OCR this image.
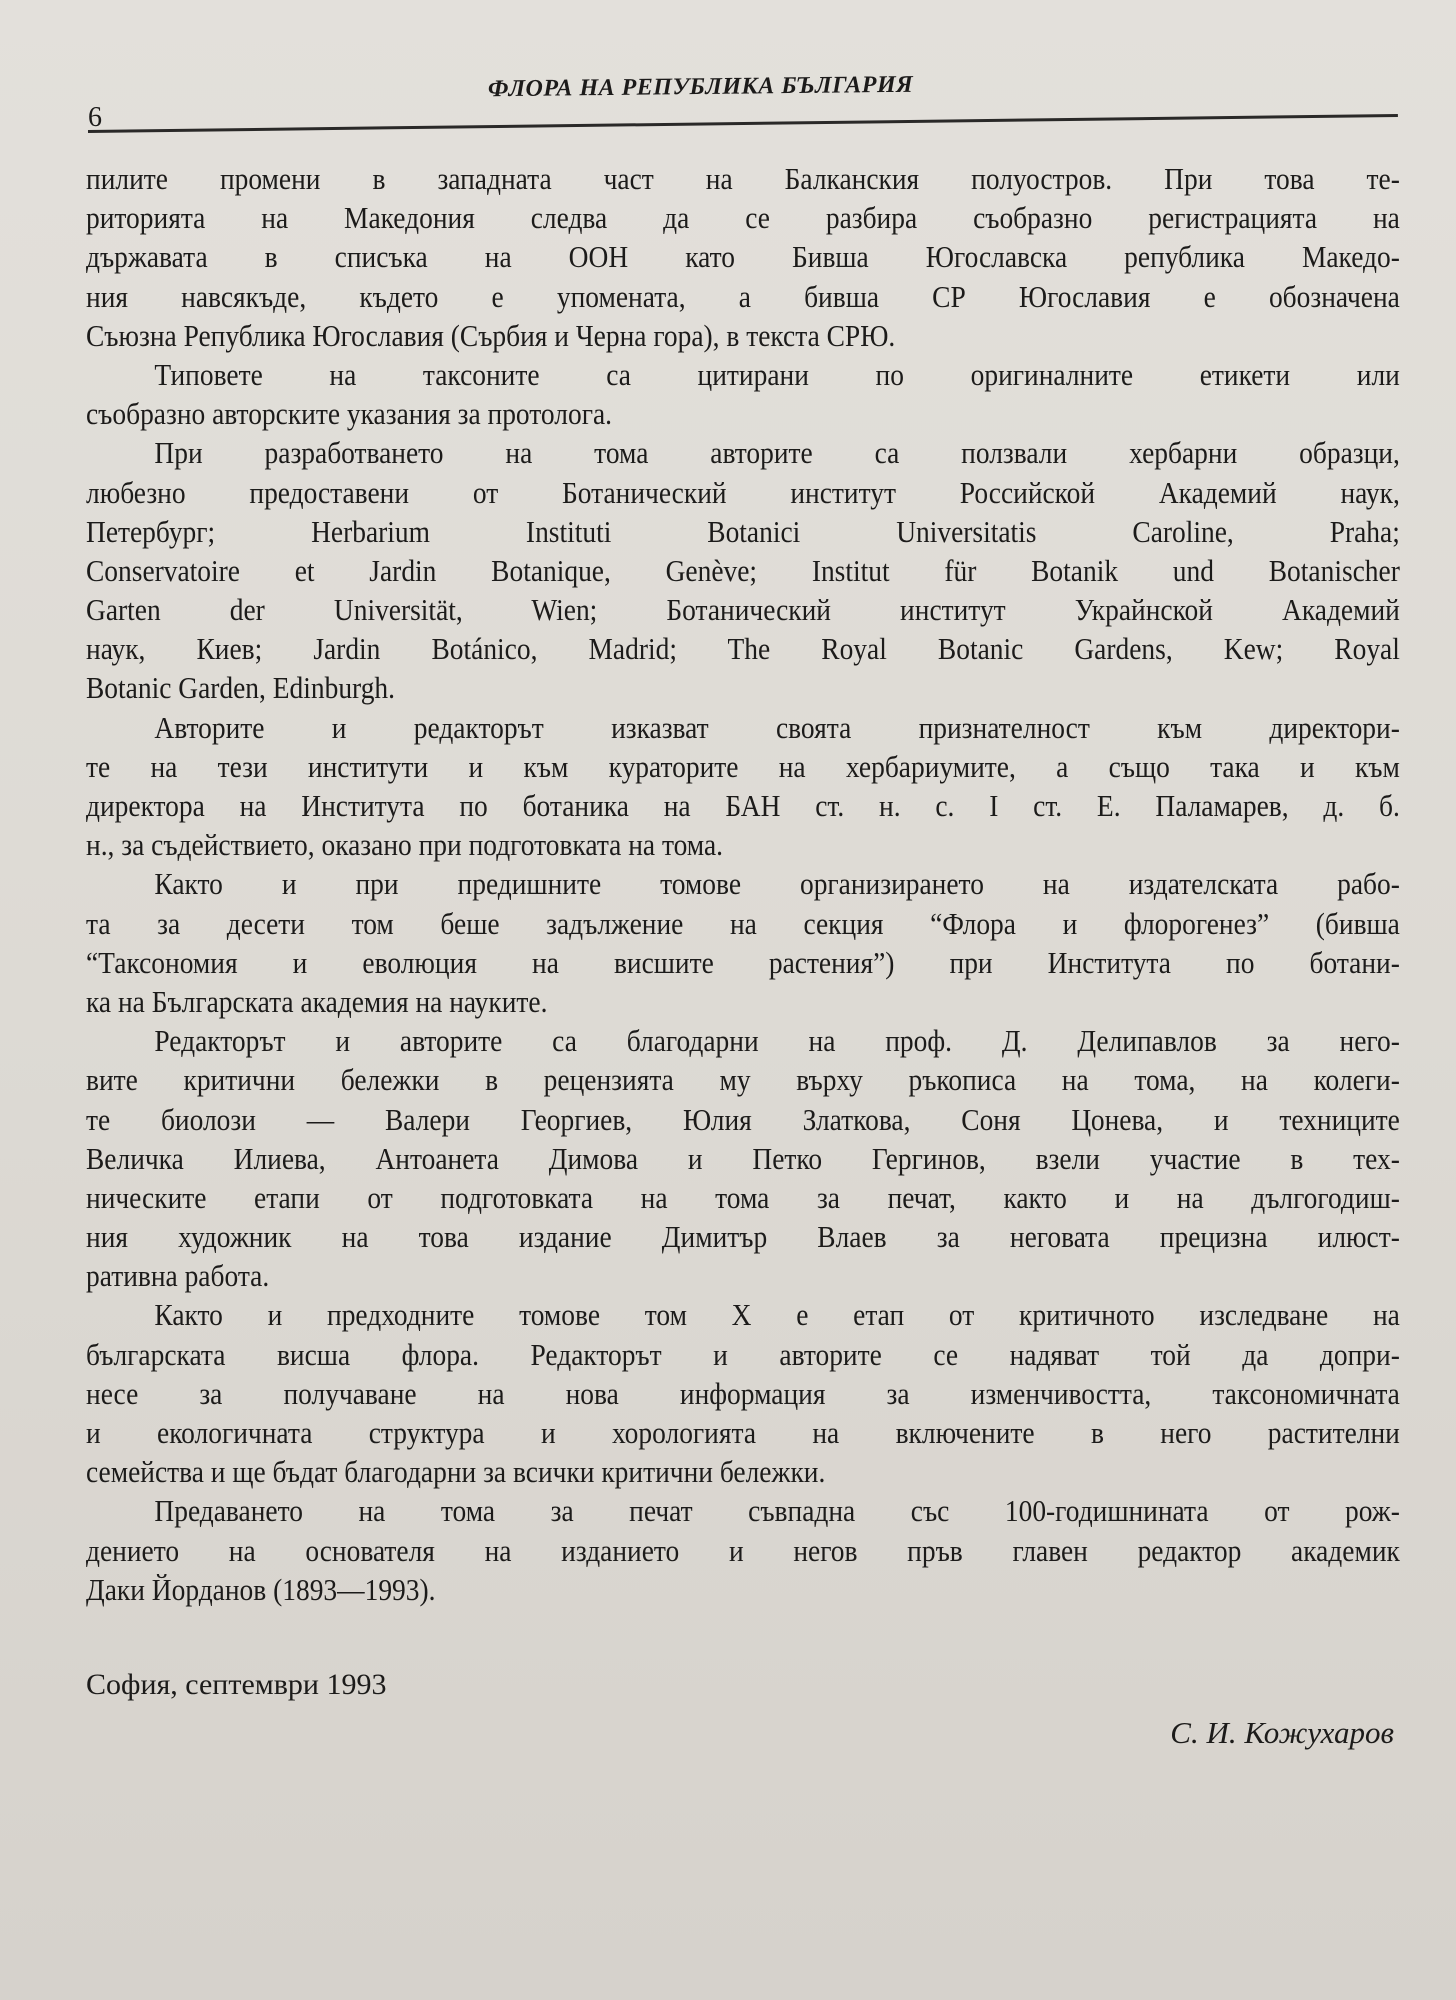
6
ФЛОРА НА РЕПУБЛИКА БЪЛГАРИЯ
пилите промени в западната част на Балканския полуостров. При това те-
риторията на Македония следва да се разбира съобразно регистрацията на
държавата в списъка на ООН като Бивша Югославска република Македо-
ния навсякъде, където е упомената, а бивша СР Югославия е обозначена
Съюзна Република Югославия (Сърбия и Черна гора), в текста СРЮ.
Типовете на таксоните са цитирани по оригиналните етикети или
съобразно авторските указания за протолога.
При разработването на тома авторите са ползвали хербарни образци,
любезно предоставени от Ботанический институт Российской Академий наук,
Петербург; Herbarium Instituti Botanici Universitatis Caroline, Praha;
Conservatoire et Jardin Botanique, Genève; Institut für Botanik und Botanischer
Garten der Universität, Wien; Ботанический институт Украйнской Академий
наук, Киев; Jardin Botánico, Madrid; The Royal Botanic Gardens, Kew; Royal
Botanic Garden, Edinburgh.
Авторите и редакторът изказват своята признателност към директори-
те на тези институти и към кураторите на хербариумите, а също така и към
директора на Института по ботаника на БАН ст. н. с. I ст. Е. Паламарев, д. б.
н., за съдействието, оказано при подготовката на тома.
Както и при предишните томове организирането на издателската рабо-
та за десети том беше задължение на секция “Флора и флорогенез” (бивша
“Таксономия и еволюция на висшите растения”) при Института по ботани-
ка на Българската академия на науките.
Редакторът и авторите са благодарни на проф. Д. Делипавлов за него-
вите критични бележки в рецензията му върху ръкописа на тома, на колеги-
те биолози — Валери Георгиев, Юлия Златкова, Соня Цонева, и техниците
Величка Илиева, Антоанета Димова и Петко Гергинов, взели участие в тех-
ническите етапи от подготовката на тома за печат, както и на дългогодиш-
ния художник на това издание Димитър Влаев за неговата прецизна илюст-
ративна работа.
Както и предходните томове том X е етап от критичното изследване на
българската висша флора. Редакторът и авторите се надяват той да допри-
несе за получаване на нова информация за изменчивостта, таксономичната
и екологичната структура и хорологията на включените в него растителни
семейства и ще бъдат благодарни за всички критични бележки.
Предаването на тома за печат съвпадна със 100-годишнината от рож-
дението на основателя на изданието и негов пръв главен редактор академик
Даки Йорданов (1893—1993).
София, септември 1993
С. И. Кожухаров
